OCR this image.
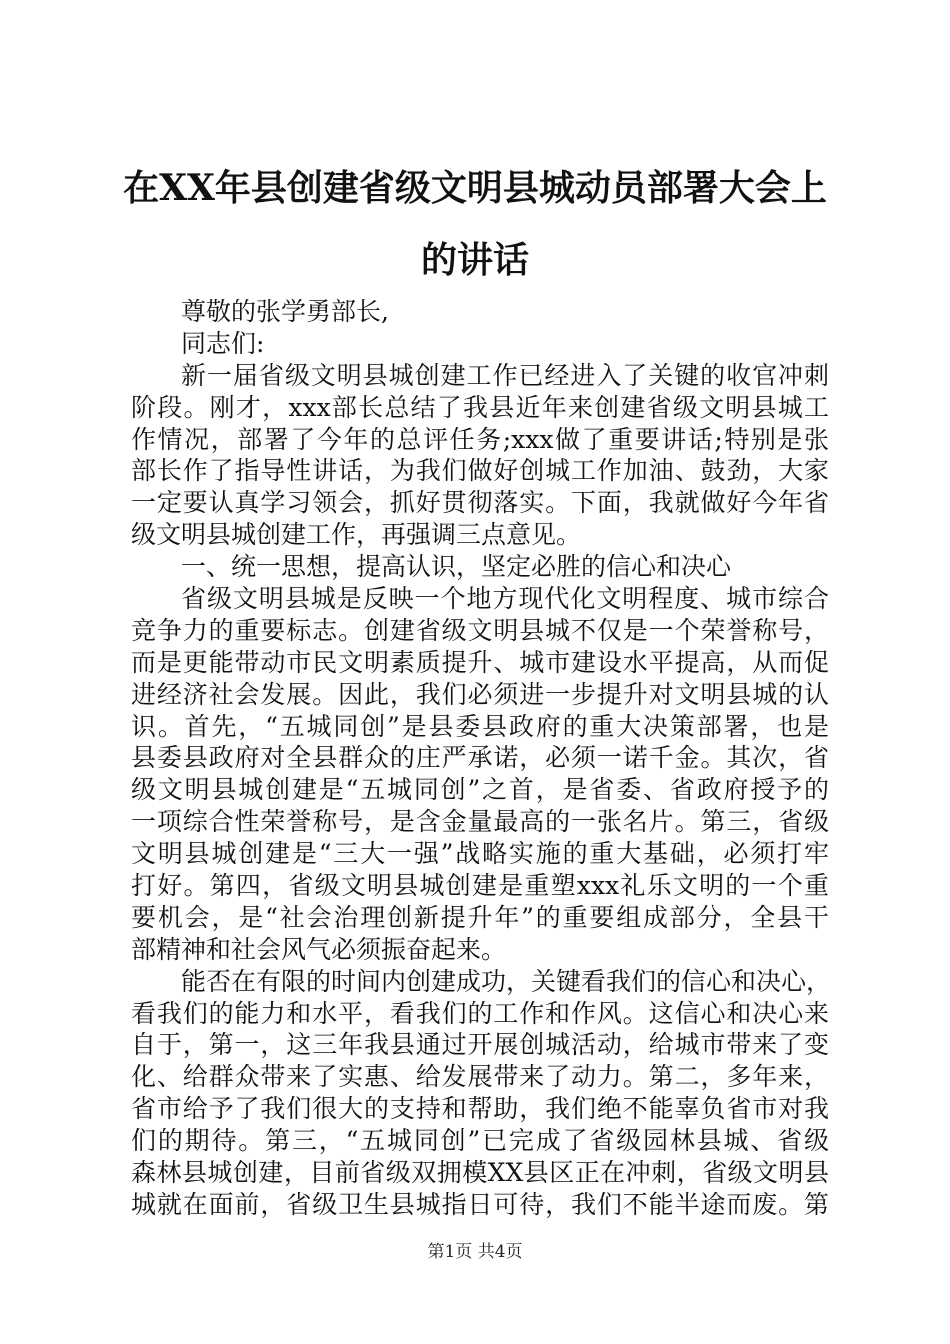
在XX年县创建省级文明县城动员部署大会上
的讲话
尊敬的张学勇部长,
同志们:
新一届省级文明县城创建工作已经进入了关键的收官冲刺
阶段。刚才，xxx部长总结了我县近年来创建省级文明县城工
作情况，部署了今年的总评任务;xxx做了重要讲话;特别是张
部长作了指导性讲话，为我们做好创城工作加油、鼓劲，大家
一定要认真学习领会，抓好贯彻落实。下面，我就做好今年省
级文明县城创建工作，再强调三点意见。
一、统一思想，提高认识，坚定必胜的信心和决心
省级文明县城是反映一个地方现代化文明程度、城市综合
竞争力的重要标志。创建省级文明县城不仅是一个荣誉称号，
而是更能带动市民文明素质提升、城市建设水平提高，从而促
进经济社会发展。因此，我们必须进一步提升对文明县城的认
识。首先，“五城同创”是县委县政府的重大决策部署，也是
县委县政府对全县群众的庄严承诺，必须一诺千金。其次，省
级文明县城创建是“五城同创”之首，是省委、省政府授予的
一项综合性荣誉称号，是含金量最高的一张名片。第三，省级
文明县城创建是“三大一强”战略实施的重大基础，必须打牢
打好。第四，省级文明县城创建是重塑xxx礼乐文明的一个重
要机会，是“社会治理创新提升年”的重要组成部分，全县干
部精神和社会风气必须振奋起来。
能否在有限的时间内创建成功，关键看我们的信心和决心，
看我们的能力和水平，看我们的工作和作风。这信心和决心来
自于，第一，这三年我县通过开展创城活动，给城市带来了变
化、给群众带来了实惠、给发展带来了动力。第二，多年来，
省市给予了我们很大的支持和帮助，我们绝不能辜负省市对我
们的期待。第三，“五城同创”已完成了省级园林县城、省级
森林县城创建，目前省级双拥模XX县区正在冲刺，省级文明县
城就在面前，省级卫生县城指日可待，我们不能半途而废。第
第1页 共4页
